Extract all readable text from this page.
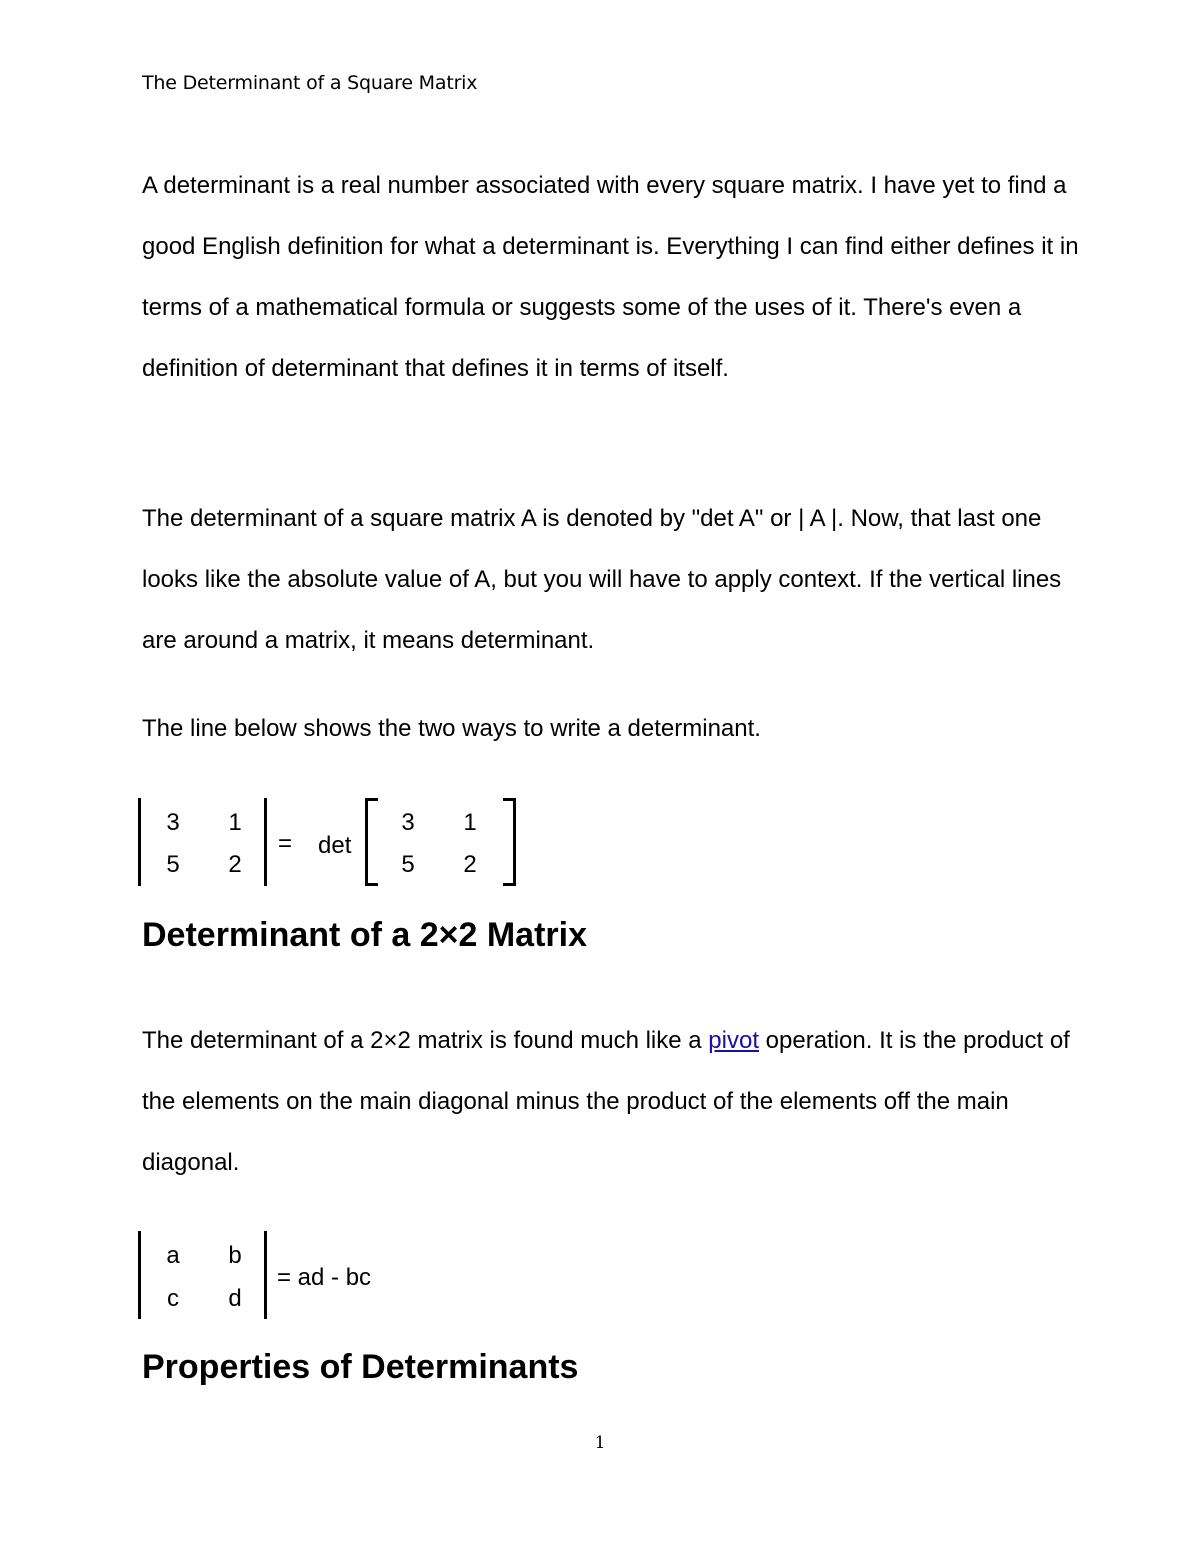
The Determinant of a Square Matrix

A determinant is a real number associated with every square matrix. I have yet to find a good English definition for what a determinant is. Everything I can find either defines it in terms of a mathematical formula or suggests some of the uses of it. There's even a definition of determinant that defines it in terms of itself.

The determinant of a square matrix A is denoted by "det A" or | A |. Now, that last one looks like the absolute value of A, but you will have to apply context. If the vertical lines are around a matrix, it means determinant.

The line below shows the two ways to write a determinant.

3	1
5	2
= det
3	1
5	2
Determinant of a 2×2 Matrix

The determinant of a 2×2 matrix is found much like a pivot operation. It is the product of the elements on the main diagonal minus the product of the elements off the main diagonal.

a	b
c	d
= ad - bc
Properties of Determinants
1
